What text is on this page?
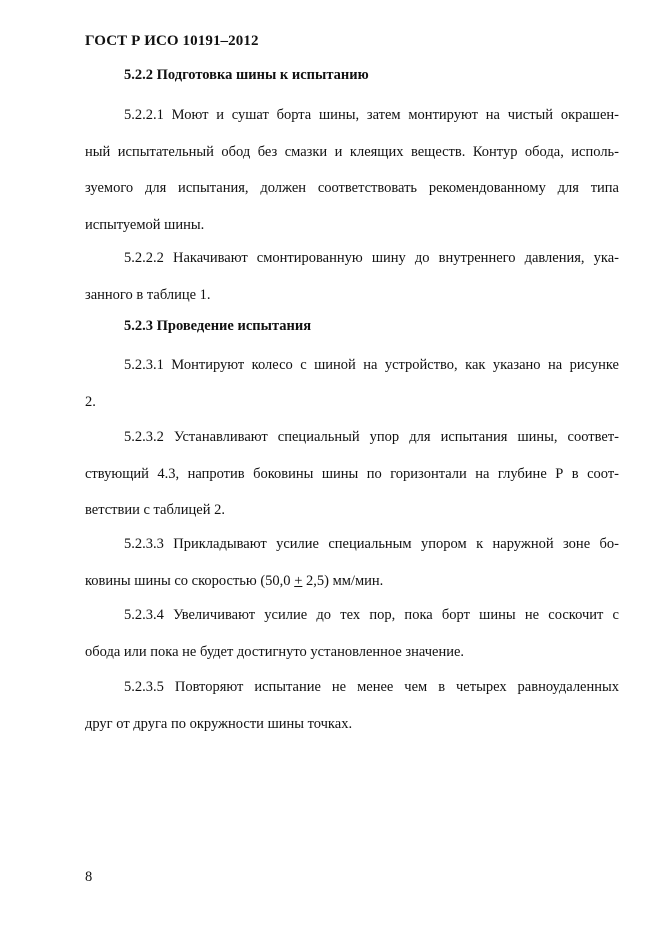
ГОСТ Р ИСО 10191–2012
5.2.2 Подготовка шины к испытанию
5.2.2.1 Моют и сушат борта шины, затем монтируют на чистый окрашен-
ный испытательный обод без смазки и клеящих веществ. Контур обода, исполь-
зуемого для испытания, должен соответствовать рекомендованному для типа
испытуемой шины.
5.2.2.2 Накачивают смонтированную шину до внутреннего давления, ука-
занного в таблице 1.
5.2.3 Проведение испытания
5.2.3.1 Монтируют колесо с шиной на устройство, как указано на рисунке
2.
5.2.3.2 Устанавливают специальный упор для испытания шины, соответ-
ствующий 4.3, напротив боковины шины по горизонтали на глубине Р в соот-
ветствии с таблицей 2.
5.2.3.3 Прикладывают усилие специальным упором к наружной зоне бо-
ковины шины со скоростью (50,0 + 2,5) мм/мин.
5.2.3.4 Увеличивают усилие до тех пор, пока борт шины не соскочит с
обода или пока не будет достигнуто установленное значение.
5.2.3.5 Повторяют испытание не менее чем в четырех равноудаленных
друг от друга по окружности шины точках.
8
